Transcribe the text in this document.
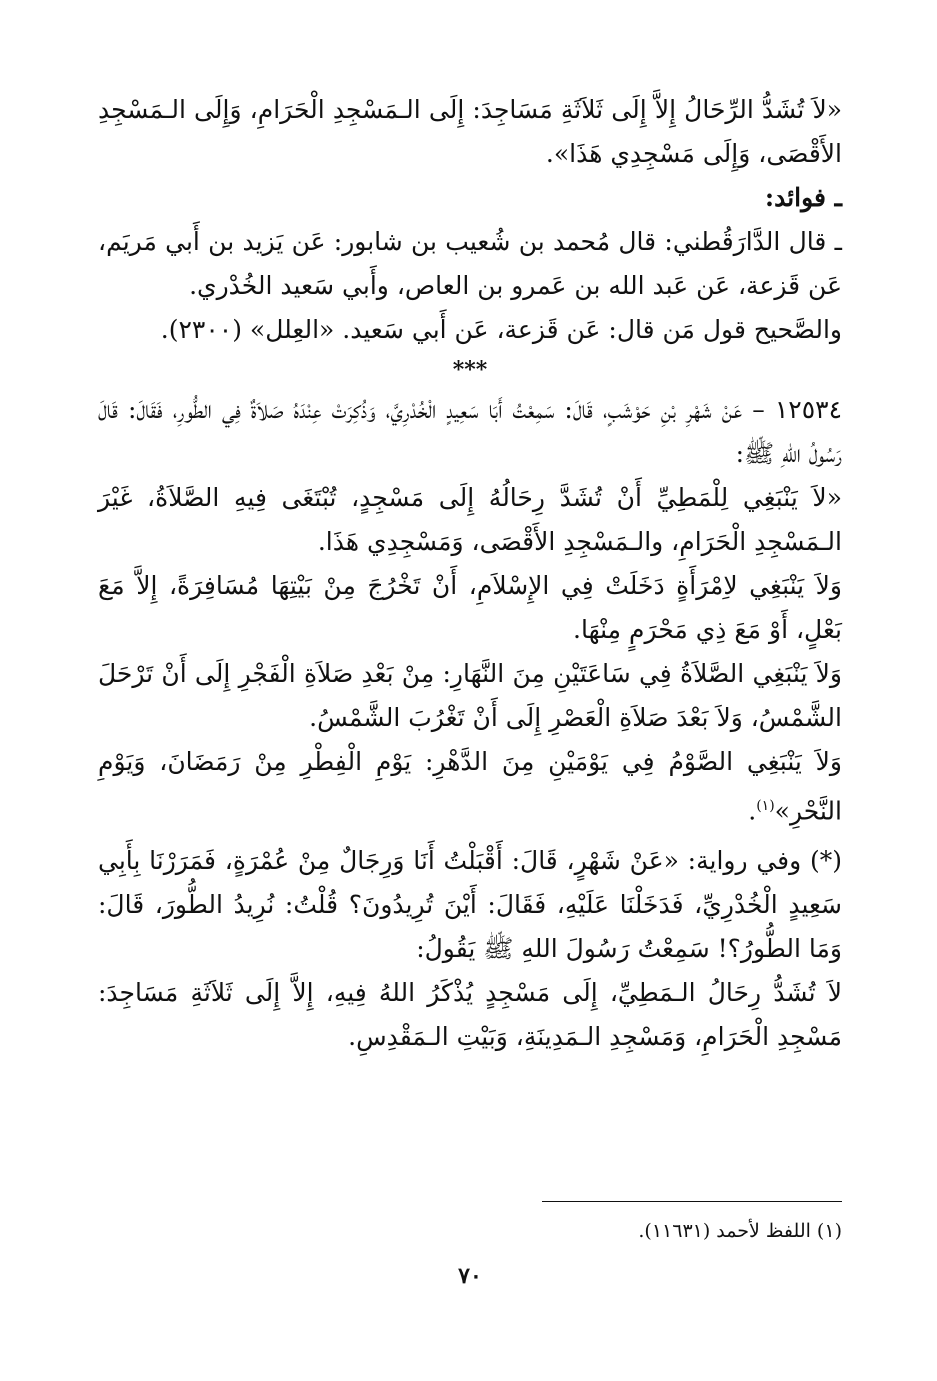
«لاَ تُشَدُّ الرِّحَالُ إِلاَّ إِلَى ثَلاَثَةِ مَسَاجِدَ: إِلَى الـمَسْجِدِ الْحَرَامِ، وَإِلَى الـمَسْجِدِ الأَقْصَى، وَإِلَى مَسْجِدِي هَذَا».

ـ فوائد:

ـ قال الدَّارَقُطني: قال مُحمد بن شُعيب بن شابور: عَن يَزيد بن أَبي مَريَم، عَن قَزعة، عَن عَبد الله بن عَمرو بن العاص، وأَبي سَعيد الخُدْري.

والصَّحيح قول مَن قال: عَن قَزعة، عَن أَبي سَعيد. «العِلل» (٢٣٠٠).

***

١٢٥٣٤ – عَنْ شَهْرِ بْنِ حَوْشَبٍ، قَالَ: سَمِعْتُ أَبَا سَعِيدٍ الْخُدْرِيَّ، وَذُكِرَتْ عِنْدَهُ صَلاَةٌ فِي الطُّورِ، فَقَالَ: قَالَ رَسُولُ اللهِ ﷺ:

«لاَ يَنْبَغِي لِلْمَطِيِّ أَنْ تُشَدَّ رِحَالُهُ إِلَى مَسْجِدٍ، تُبْتَغَى فِيهِ الصَّلاَةُ، غَيْرَ الـمَسْجِدِ الْحَرَامِ، والـمَسْجِدِ الأَقْصَى، وَمَسْجِدِي هَذَا.

وَلاَ يَنْبَغِي لاِمْرَأَةٍ دَخَلَتْ فِي الإِسْلاَمِ، أَنْ تَخْرُجَ مِنْ بَيْتِهَا مُسَافِرَةً، إِلاَّ مَعَ بَعْلٍ، أَوْ مَعَ ذِي مَحْرَمٍ مِنْهَا.

وَلاَ يَنْبَغِي الصَّلاَةُ فِي سَاعَتَيْنِ مِنَ النَّهَارِ: مِنْ بَعْدِ صَلاَةِ الْفَجْرِ إِلَى أَنْ تَرْحَلَ الشَّمْسُ، وَلاَ بَعْدَ صَلاَةِ الْعَصْرِ إِلَى أَنْ تَغْرُبَ الشَّمْسُ.

وَلاَ يَنْبَغِي الصَّوْمُ فِي يَوْمَيْنِ مِنَ الدَّهْرِ: يَوْمِ الْفِطْرِ مِنْ رَمَضَانَ، وَيَوْمِ النَّحْرِ»$^{(١)}$.

(*) وفي رواية: «عَنْ شَهْرٍ، قَالَ: أَقْبَلْتُ أَنَا وَرِجَالٌ مِنْ عُمْرَةٍ، فَمَرَرْنَا بِأَبِي سَعِيدٍ الْخُدْرِيِّ، فَدَخَلْنَا عَلَيْهِ، فَقَالَ: أَيْنَ تُرِيدُونَ؟ قُلْتُ: نُرِيدُ الطُّورَ، قَالَ: وَمَا الطُّورُ؟! سَمِعْتُ رَسُولَ اللهِ ﷺ يَقُولُ:

لاَ تُشَدُّ رِحَالُ الـمَطِيِّ، إِلَى مَسْجِدٍ يُذْكَرُ اللهُ فِيهِ، إِلاَّ إِلَى ثَلاَثَةِ مَسَاجِدَ: مَسْجِدِ الْحَرَامِ، وَمَسْجِدِ الـمَدِينَةِ، وَبَيْتِ الـمَقْدِسِ.

(١) اللفظ لأحمد (١١٦٣١).

٧٠
